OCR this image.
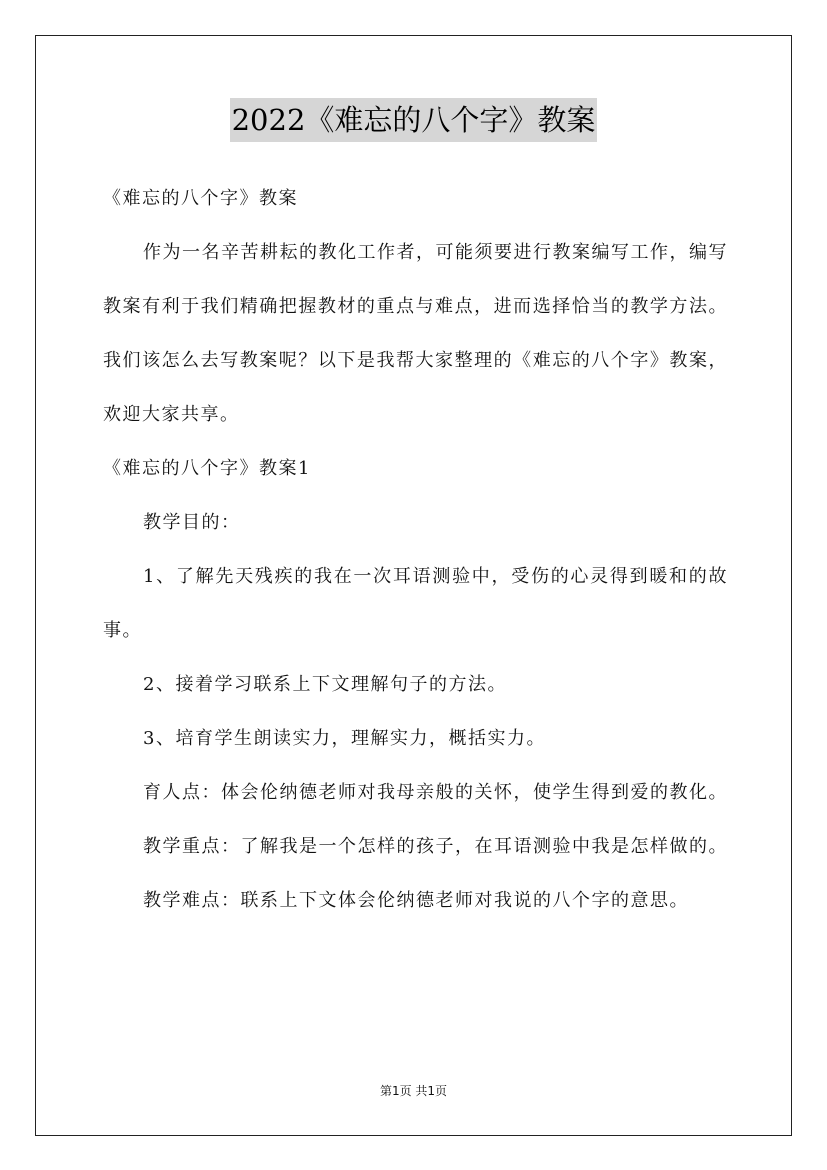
2022《难忘的八个字》教案

《难忘的八个字》教案

作为一名辛苦耕耘的教化工作者，可能须要进行教案编写工作，编写教案有利于我们精确把握教材的重点与难点，进而选择恰当的教学方法。我们该怎么去写教案呢？以下是我帮大家整理的《难忘的八个字》教案，欢迎大家共享。

《难忘的八个字》教案1

教学目的：

1、了解先天残疾的我在一次耳语测验中，受伤的心灵得到暖和的故事。

2、接着学习联系上下文理解句子的方法。

3、培育学生朗读实力，理解实力，概括实力。

育人点：体会伦纳德老师对我母亲般的关怀，使学生得到爱的教化。

教学重点：了解我是一个怎样的孩子，在耳语测验中我是怎样做的。

教学难点：联系上下文体会伦纳德老师对我说的八个字的意思。

第1页 共1页
